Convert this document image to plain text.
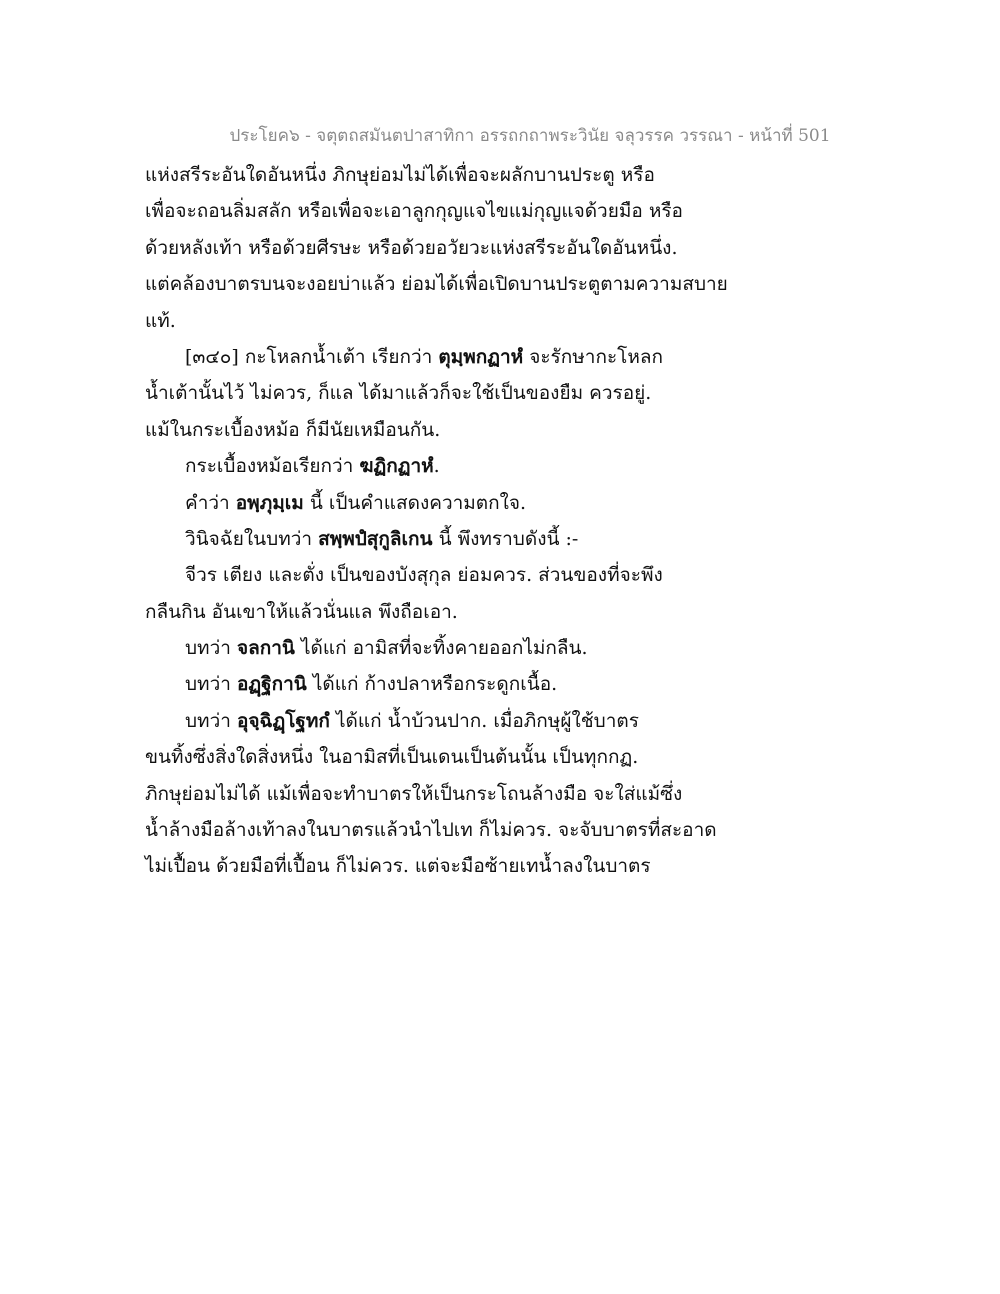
ประโยค๖ - จตุตถสมันตปาสาทิกา อรรถกถาพระวินัย จลุวรรค วรรณา - หน้าที่ 501
แห่งสรีระอันใดอันหนึ่ง ภิกษุย่อมไม่ได้เพื่อจะผลักบานประตู หรือ
เพื่อจะถอนลิ่มสลัก หรือเพื่อจะเอาลูกกุญแจไขแม่กุญแจด้วยมือ หรือ
ด้วยหลังเท้า หรือด้วยศีรษะ หรือด้วยอวัยวะแห่งสรีระอันใดอันหนึ่ง.
แต่คล้องบาตรบนจะงอยบ่าแล้ว ย่อมได้เพื่อเปิดบานประตูตามความสบาย
แท้.
[๓๔๐] กะโหลกน้ำเต้า เรียกว่า ตุมฺพกฏาหํ จะรักษากะโหลก
น้ำเต้านั้นไว้ ไม่ควร, ก็แล ได้มาแล้วก็จะใช้เป็นของยืม ควรอยู่.
แม้ในกระเบื้องหม้อ ก็มีนัยเหมือนกัน.
กระเบื้องหม้อเรียกว่า ฆฏิกฏาหํ.
คำว่า อพฺภุมฺเม นี้ เป็นคำแสดงความตกใจ.
วินิจฉัยในบทว่า สพฺพปํสุกูลิเกน นี้ พึงทราบดังนี้ :-
จีวร เตียง และตั่ง เป็นของบังสุกุล ย่อมควร. ส่วนของที่จะพึง
กลืนกิน อันเขาให้แล้วนั่นแล พึงถือเอา.
บทว่า จลกานิ ได้แก่ อามิสที่จะทิ้งคายออกไม่กลืน.
บทว่า อฏฺฐิกานิ ได้แก่ ก้างปลาหรือกระดูกเนื้อ.
บทว่า อุจฺฉิฏฺโฐทกํ ได้แก่ น้ำบ้วนปาก. เมื่อภิกษุผู้ใช้บาตร
ขนทิ้งซึ่งสิ่งใดสิ่งหนึ่ง ในอามิสที่เป็นเดนเป็นต้นนั้น เป็นทุกกฏ.
ภิกษุย่อมไม่ได้ แม้เพื่อจะทำบาตรให้เป็นกระโถนล้างมือ จะใส่แม้ซึ่ง
น้ำล้างมือล้างเท้าลงในบาตรแล้วนำไปเท ก็ไม่ควร. จะจับบาตรที่สะอาด
ไม่เปื้อน ด้วยมือที่เปื้อน ก็ไม่ควร. แต่จะมือซ้ายเทน้ำลงในบาตร
